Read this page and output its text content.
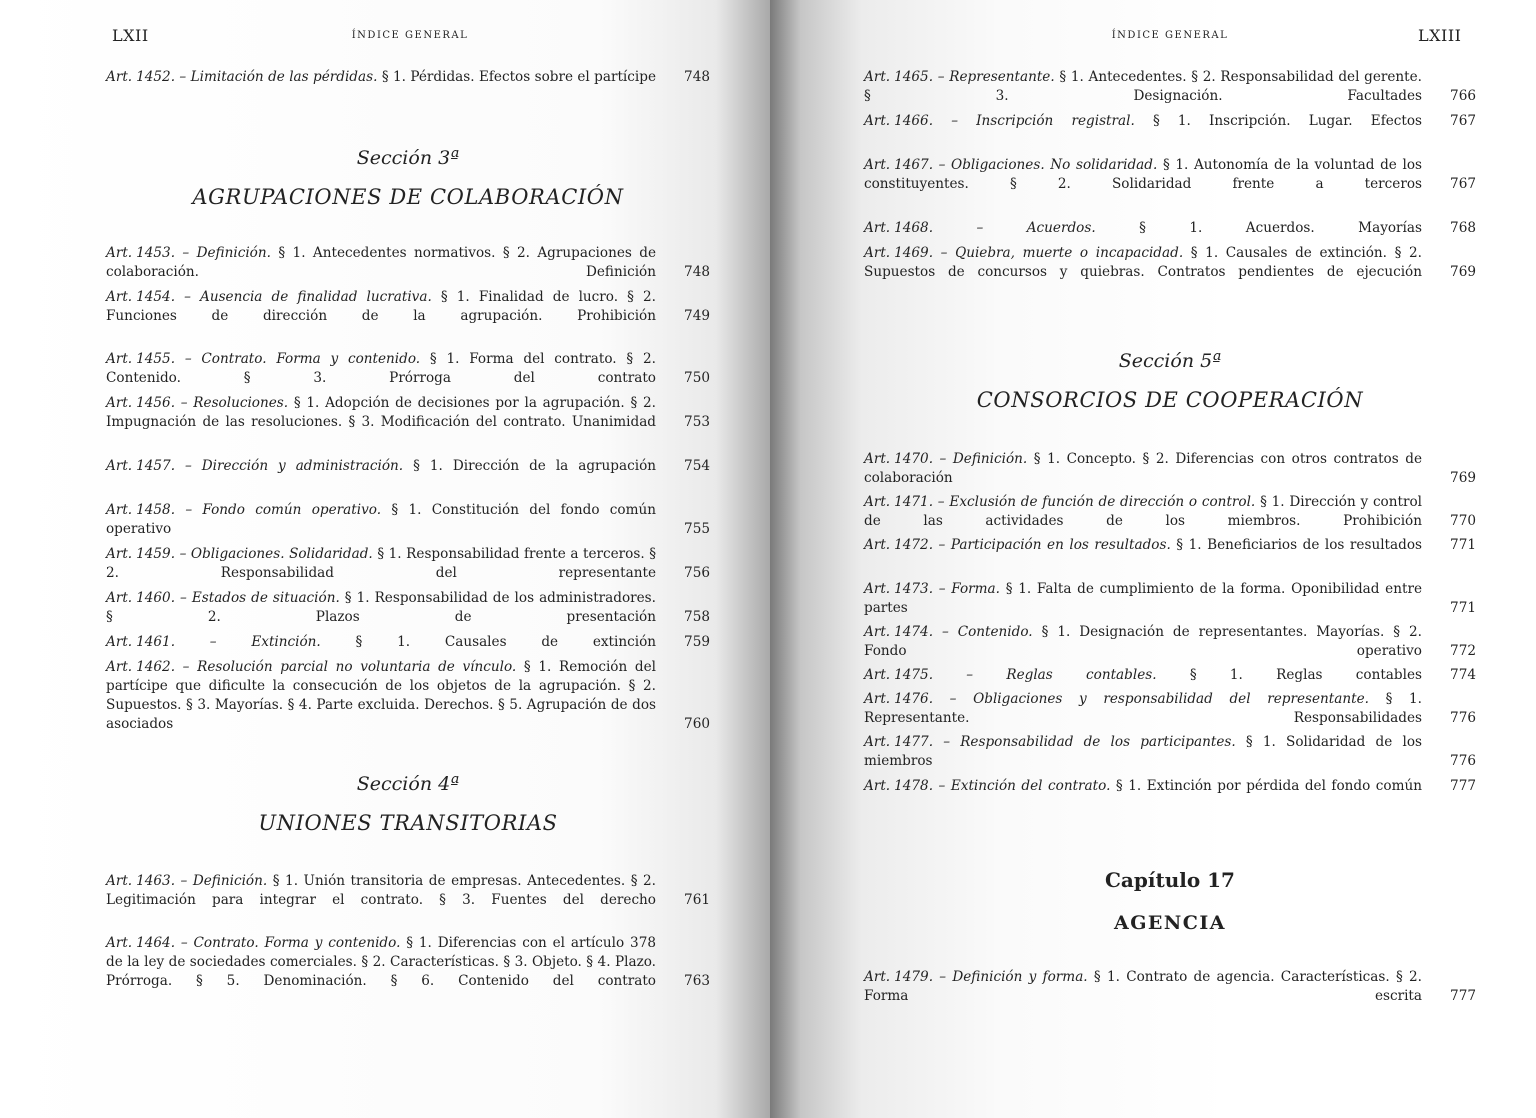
LXII	ÍNDICE GENERAL
Art. 1452. – Limitación de las pérdidas. § 1. Pérdidas. Efectos sobre el partícipe	748
Sección 3ª
AGRUPACIONES DE COLABORACIÓN
Art. 1453. – Definición. § 1. Antecedentes normativos. § 2. Agrupaciones de colaboración. Definición	748
Art. 1454. – Ausencia de finalidad lucrativa. § 1. Finalidad de lucro. § 2. Funciones de dirección de la agrupación. Prohibición	749
Art. 1455. – Contrato. Forma y contenido. § 1. Forma del contrato. § 2. Contenido. § 3. Prórroga del contrato	750
Art. 1456. – Resoluciones. § 1. Adopción de decisiones por la agrupación. § 2. Impugnación de las resoluciones. § 3. Modificación del contrato. Unanimidad	753
Art. 1457. – Dirección y administración. § 1. Dirección de la agrupación	754
Art. 1458. – Fondo común operativo. § 1. Constitución del fondo común operativo	755
Art. 1459. – Obligaciones. Solidaridad. § 1. Responsabilidad frente a terceros. § 2. Responsabilidad del representante	756
Art. 1460. – Estados de situación. § 1. Responsabilidad de los administradores. § 2. Plazos de presentación	758
Art. 1461. – Extinción.	§ 1. Causales de extinción	759
Art. 1462. – Resolución parcial no voluntaria de vínculo. § 1. Remoción del partícipe que dificulte la consecución de los objetos de la agrupación. § 2. Supuestos. § 3. Mayorías. § 4. Parte excluida. Derechos. § 5. Agrupación de dos asociados	760
Sección 4ª
UNIONES TRANSITORIAS
Art. 1463. – Definición. § 1. Unión transitoria de empresas. Antecedentes. § 2. Legitimación para integrar el contrato. § 3. Fuentes del derecho	761
Art. 1464. – Contrato. Forma y contenido. § 1. Diferencias con el artículo 378 de la ley de sociedades comerciales. § 2. Características. § 3. Objeto. § 4. Plazo. Prórroga. § 5. Denominación. § 6. Contenido del contrato	763
ÍNDICE GENERAL	LXIII
Art. 1465. – Representante. § 1. Antecedentes. § 2. Responsabilidad del gerente. § 3. Designación. Facultades	766
Art. 1466. – Inscripción registral. § 1. Inscripción. Lugar. Efectos	767
Art. 1467. – Obligaciones. No solidaridad. § 1. Autonomía de la voluntad de los constituyentes. § 2. Solidaridad frente a terceros	767
Art. 1468. – Acuerdos.	§ 1. Acuerdos. Mayorías	768
Art. 1469. – Quiebra, muerte o incapacidad. § 1. Causales de extinción. § 2. Supuestos de concursos y quiebras. Contratos pendientes de ejecución	769
Sección 5ª
CONSORCIOS DE COOPERACIÓN
Art. 1470. – Definición. § 1. Concepto. § 2. Diferencias con otros contratos de colaboración	769
Art. 1471. – Exclusión de función de dirección o control. § 1. Dirección y control de las actividades de los miembros. Prohibición	770
Art. 1472. – Participación en los resultados. § 1. Beneficiarios de los resultados	771
Art. 1473. – Forma. § 1. Falta de cumplimiento de la forma. Oponibilidad entre partes	771
Art. 1474. – Contenido. § 1. Designación de representantes. Mayorías. § 2. Fondo operativo	772
Art. 1475. – Reglas contables. § 1. Reglas contables	774
Art. 1476. – Obligaciones y responsabilidad del representante. § 1. Representante. Responsabilidades	776
Art. 1477. – Responsabilidad de los participantes. § 1. Solidaridad de los miembros	776
Art. 1478. – Extinción del contrato. § 1. Extinción por pérdida del fondo común	777
Capítulo 17
AGENCIA
Art. 1479. – Definición y forma. § 1. Contrato de agencia. Características. § 2. Forma escrita	777
